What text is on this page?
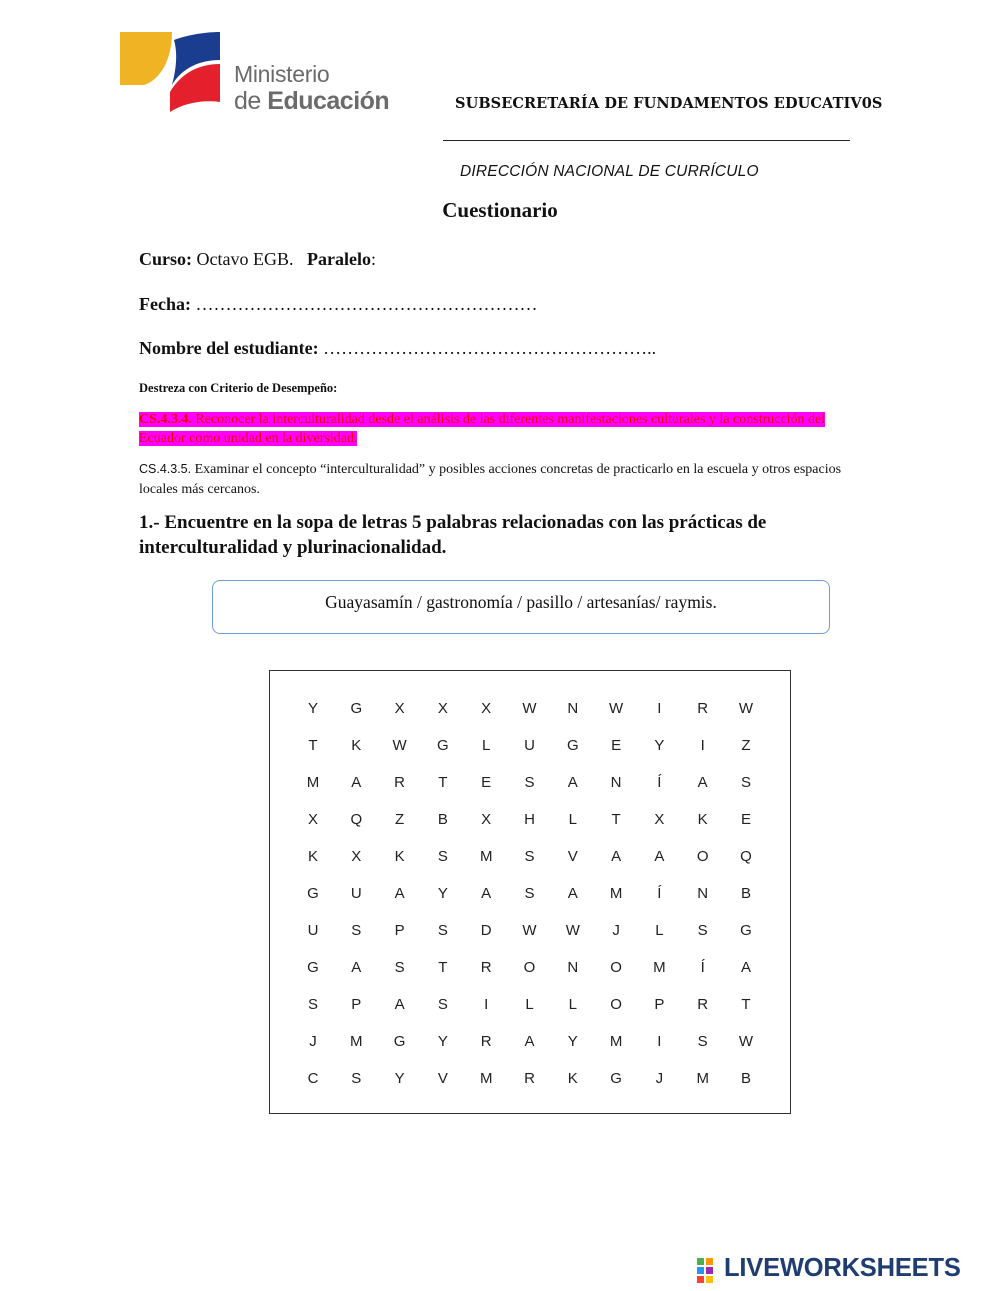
Ministerio
de Educación	SUBSECRETARÍA DE FUNDAMENTOS EDUCATIV0S
DIRECCIÓN NACIONAL DE CURRÍCULO
Cuestionario
Curso: Octavo EGB. Paralelo:
Fecha: …………………………………………………
Nombre del estudiante: ………………………………………………..
Destreza con Criterio de Desempeño:
CS.4.3.4. Reconocer la interculturalidad desde el análisis de las diferentes manifestaciones culturales y la construcción del Ecuador como unidad en la diversidad.
CS.4.3.5. Examinar el concepto “interculturalidad” y posibles acciones concretas de practicarlo en la escuela y otros espacios locales más cercanos.
1.- Encuentre en la sopa de letras 5 palabras relacionadas con las prácticas de interculturalidad y plurinacionalidad.
Guayasamín / gastronomía / pasillo / artesanías/ raymis.
Y	G	X	X	X	W	N	W	I	R	W
T	K	W	G	L	U	G	E	Y	I	Z
M	A	R	T	E	S	A	N	Í	A	S
X	Q	Z	B	X	H	L	T	X	K	E
K	X	K	S	M	S	V	A	A	O	Q
G	U	A	Y	A	S	A	M	Í	N	B
U	S	P	S	D	W	W	J	L	S	G
G	A	S	T	R	O	N	O	M	Í	A
S	P	A	S	I	L	L	O	P	R	T
J	M	G	Y	R	A	Y	M	I	S	W
C	S	Y	V	M	R	K	G	J	M	B
LIVEWORKSHEETS
